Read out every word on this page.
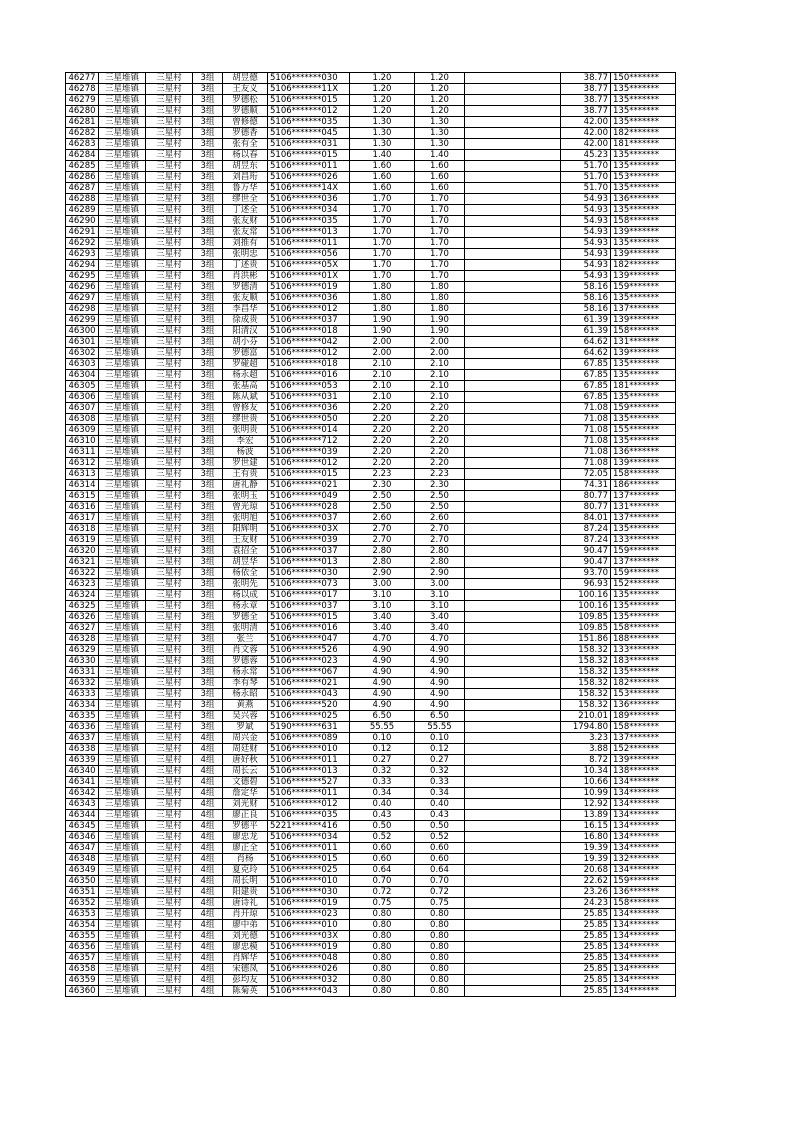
46277	三星堆镇	三星村	3组	胡昱德	5106*******030	1.20	1.20		38.77	150*******
46278	三星堆镇	三星村	3组	王友义	5106*******11X	1.20	1.20		38.77	135*******
46279	三星堆镇	三星村	3组	罗德松	5106*******015	1.20	1.20		38.77	135*******
46280	三星堆镇	三星村	3组	罗德顺	5106*******012	1.20	1.20		38.77	135*******
46281	三星堆镇	三星村	3组	曾修德	5106*******035	1.30	1.30		42.00	135*******
46282	三星堆镇	三星村	3组	罗德香	5106*******045	1.30	1.30		42.00	182*******
46283	三星堆镇	三星村	3组	张有全	5106*******031	1.30	1.30		42.00	181*******
46284	三星堆镇	三星村	3组	杨以春	5106*******015	1.40	1.40		45.23	135*******
46285	三星堆镇	三星村	3组	胡昱东	5106*******011	1.60	1.60		51.70	135*******
46286	三星堆镇	三星村	3组	刘昌珩	5106*******026	1.60	1.60		51.70	153*******
46287	三星堆镇	三星村	3组	鲁万华	5106*******14X	1.60	1.60		51.70	135*******
46288	三星堆镇	三星村	3组	缪世全	5106*******036	1.70	1.70		54.93	136*******
46289	三星堆镇	三星村	3组	丁述全	5106*******034	1.70	1.70		54.93	135*******
46290	三星堆镇	三星村	3组	张友财	5106*******035	1.70	1.70		54.93	158*******
46291	三星堆镇	三星村	3组	张友常	5106*******013	1.70	1.70		54.93	139*******
46292	三星堆镇	三星村	3组	刘推有	5106*******011	1.70	1.70		54.93	135*******
46293	三星堆镇	三星村	3组	张明忠	5106*******056	1.70	1.70		54.93	139*******
46294	三星堆镇	三星村	3组	丁述贵	5106*******05X	1.70	1.70		54.93	182*******
46295	三星堆镇	三星村	3组	肖洪彬	5106*******01X	1.70	1.70		54.93	139*******
46296	三星堆镇	三星村	3组	罗德清	5106*******019	1.80	1.80		58.16	159*******
46297	三星堆镇	三星村	3组	张友顺	5106*******036	1.80	1.80		58.16	135*******
46298	三星堆镇	三星村	3组	李昌华	5106*******012	1.80	1.80		58.16	137*******
46299	三星堆镇	三星村	3组	徐成贵	5106*******037	1.90	1.90		61.39	139*******
46300	三星堆镇	三星村	3组	阳清汉	5106*******018	1.90	1.90		61.39	158*******
46301	三星堆镇	三星村	3组	胡小芬	5106*******042	2.00	2.00		64.62	131*******
46302	三星堆镇	三星村	3组	罗德富	5106*******012	2.00	2.00		64.62	139*******
46303	三星堆镇	三星村	3组	罗碰超	5106*******018	2.10	2.10		67.85	135*******
46304	三星堆镇	三星村	3组	杨永超	5106*******016	2.10	2.10		67.85	135*******
46305	三星堆镇	三星村	3组	张基高	5106*******053	2.10	2.10		67.85	181*******
46306	三星堆镇	三星村	3组	陈从斌	5106*******031	2.10	2.10		67.85	135*******
46307	三星堆镇	三星村	3组	曾修友	5106*******036	2.20	2.20		71.08	159*******
46308	三星堆镇	三星村	3组	缪世贵	5106*******050	2.20	2.20		71.08	135*******
46309	三星堆镇	三星村	3组	张明贵	5106*******014	2.20	2.20		71.08	155*******
46310	三星堆镇	三星村	3组	李宏	5106*******712	2.20	2.20		71.08	135*******
46311	三星堆镇	三星村	3组	杨波	5106*******039	2.20	2.20		71.08	136*******
46312	三星堆镇	三星村	3组	罗世建	5106*******012	2.20	2.20		71.08	139*******
46313	三星堆镇	三星村	3组	王有贵	5106*******015	2.23	2.23		72.05	158*******
46314	三星堆镇	三星村	3组	唐礼静	5106*******021	2.30	2.30		74.31	186*******
46315	三星堆镇	三星村	3组	张明玉	5106*******049	2.50	2.50		80.77	137*******
46316	三星堆镇	三星村	3组	曾光琼	5106*******028	2.50	2.50		80.77	131*******
46317	三星堆镇	三星村	3组	张明旭	5106*******037	2.60	2.60		84.01	137*******
46318	三星堆镇	三星村	3组	阳辉明	5106*******03X	2.70	2.70		87.24	135*******
46319	三星堆镇	三星村	3组	王友财	5106*******039	2.70	2.70		87.24	133*******
46320	三星堆镇	三星村	3组	袁招全	5106*******037	2.80	2.80		90.47	159*******
46321	三星堆镇	三星村	3组	胡昱华	5106*******013	2.80	2.80		90.47	137*******
46322	三星堆镇	三星村	3组	杨依全	5106*******030	2.90	2.90		93.70	159*******
46323	三星堆镇	三星村	3组	张明先	5106*******073	3.00	3.00		96.93	152*******
46324	三星堆镇	三星村	3组	杨以成	5106*******017	3.10	3.10		100.16	135*******
46325	三星堆镇	三星村	3组	杨永章	5106*******037	3.10	3.10		100.16	135*******
46326	三星堆镇	三星村	3组	罗德全	5106*******015	3.40	3.40		109.85	135*******
46327	三星堆镇	三星村	3组	张明清	5106*******016	3.40	3.40		109.85	158*******
46328	三星堆镇	三星村	3组	张兰	5106*******047	4.70	4.70		151.86	188*******
46329	三星堆镇	三星村	3组	肖文蓉	5106*******526	4.90	4.90		158.32	133*******
46330	三星堆镇	三星村	3组	罗德蓉	5106*******023	4.90	4.90		158.32	183*******
46331	三星堆镇	三星村	3组	杨永常	5106*******067	4.90	4.90		158.32	135*******
46332	三星堆镇	三星村	3组	李有琴	5106*******021	4.90	4.90		158.32	182*******
46333	三星堆镇	三星村	3组	杨永昭	5106*******043	4.90	4.90		158.32	153*******
46334	三星堆镇	三星村	3组	黄燕	5106*******520	4.90	4.90		158.32	136*******
46335	三星堆镇	三星村	3组	吴兴蓉	5106*******025	6.50	6.50		210.01	189*******
46336	三星堆镇	三星村	3组	罗斌	5190*******631	55.55	55.55		1794.80	158*******
46337	三星堆镇	三星村	4组	周兴金	5106*******089	0.10	0.10		3.23	137*******
46338	三星堆镇	三星村	4组	周廷财	5106*******010	0.12	0.12		3.88	152*******
46339	三星堆镇	三星村	4组	唐好秋	5106*******011	0.27	0.27		8.72	139*******
46340	三星堆镇	三星村	4组	周长云	5106*******013	0.32	0.32		10.34	138*******
46341	三星堆镇	三星村	4组	文德碧	5106*******527	0.33	0.33		10.66	134*******
46342	三星堆镇	三星村	4组	詹定华	5106*******011	0.34	0.34		10.99	134*******
46343	三星堆镇	三星村	4组	刘光财	5106*******012	0.40	0.40		12.92	134*******
46344	三星堆镇	三星村	4组	廖正良	5106*******035	0.43	0.43		13.89	134*******
46345	三星堆镇	三星村	4组	罗德平	5221*******416	0.50	0.50		16.15	134*******
46346	三星堆镇	三星村	4组	廖忠龙	5106*******034	0.52	0.52		16.80	134*******
46347	三星堆镇	三星村	4组	廖正全	5106*******011	0.60	0.60		19.39	134*******
46348	三星堆镇	三星村	4组	肖杨	5106*******015	0.60	0.60		19.39	132*******
46349	三星堆镇	三星村	4组	夏克玲	5106*******025	0.64	0.64		20.68	134*******
46350	三星堆镇	三星村	4组	周长明	5106*******010	0.70	0.70		22.62	159*******
46351	三星堆镇	三星村	4组	阳建贵	5106*******030	0.72	0.72		23.26	136*******
46352	三星堆镇	三星村	4组	唐诗礼	5106*******019	0.75	0.75		24.23	158*******
46353	三星堆镇	三星村	4组	肖开琼	5106*******023	0.80	0.80		25.85	134*******
46354	三星堆镇	三星村	4组	廖中弟	5106*******010	0.80	0.80		25.85	134*******
46355	三星堆镇	三星村	4组	刘光德	5106*******03X	0.80	0.80		25.85	134*******
46356	三星堆镇	三星村	4组	廖忠模	5106*******019	0.80	0.80		25.85	134*******
46357	三星堆镇	三星村	4组	肖辉华	5106*******048	0.80	0.80		25.85	134*******
46358	三星堆镇	三星村	4组	宋德凤	5106*******026	0.80	0.80		25.85	134*******
46359	三星堆镇	三星村	4组	彭均友	5106*******032	0.80	0.80		25.85	134*******
46360	三星堆镇	三星村	4组	陈菊英	5106*******043	0.80	0.80		25.85	134*******
